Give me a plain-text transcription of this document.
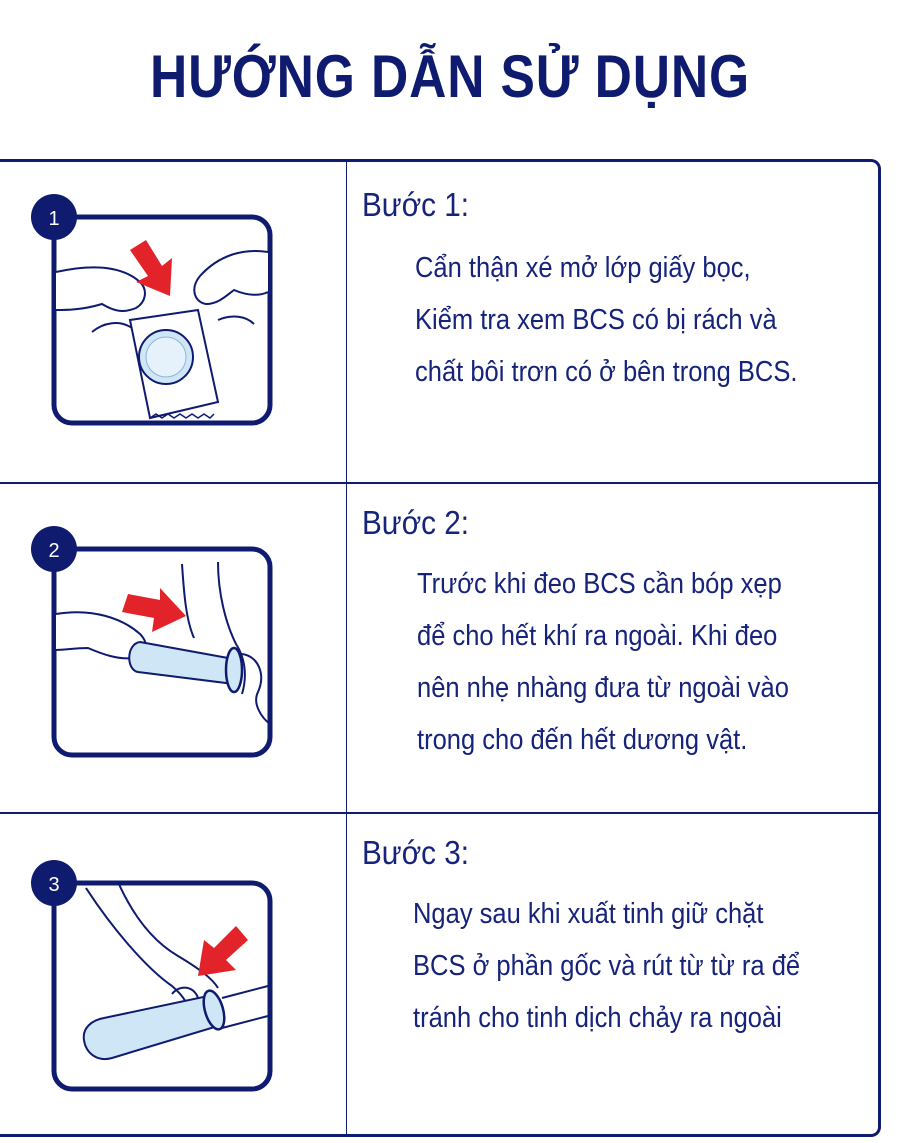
HƯỚNG DẪN SỬ DỤNG
1	Bước 1:
Cẩn thận xé mở lớp giấy bọc,
Kiểm tra xem BCS có bị rách và
chất bôi trơn có ở bên trong BCS.
2
Bước 2:
Trước khi đeo BCS cần bóp xẹp
để cho hết khí ra ngoài. Khi đeo
nên nhẹ nhàng đưa từ ngoài vào
trong cho đến hết dương vật.
3
Bước 3:
Ngay sau khi xuất tinh giữ chặt
BCS ở phần gốc và rút từ từ ra để
tránh cho tinh dịch chảy ra ngoài
